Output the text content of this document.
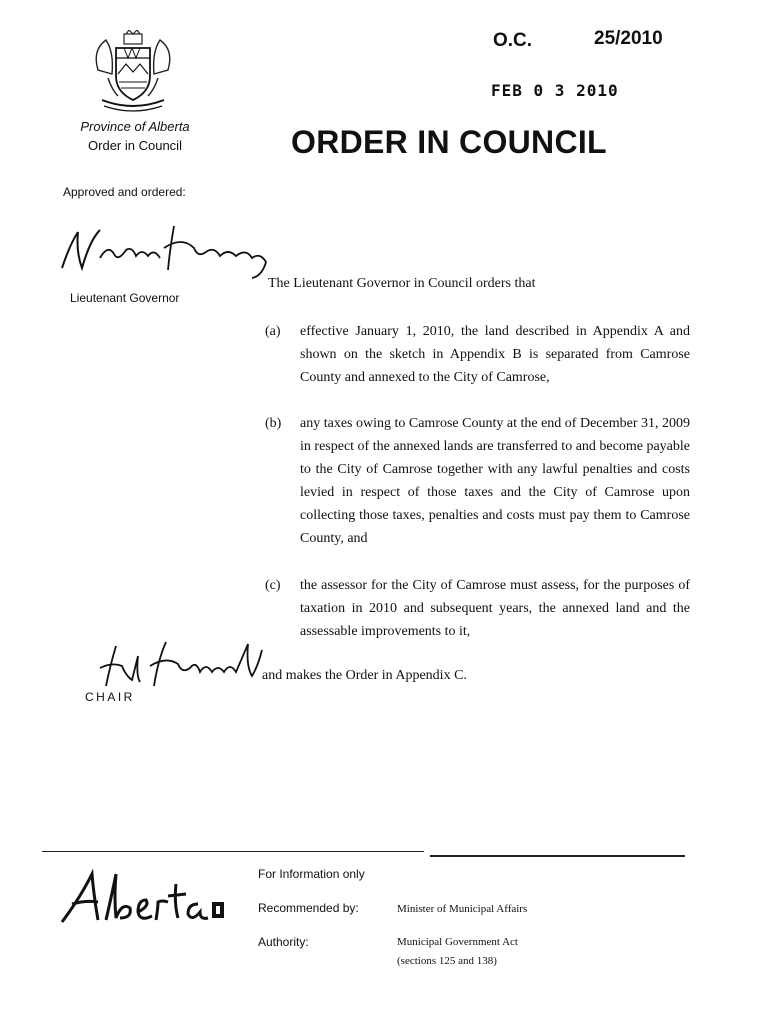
Province of Alberta
Order in Council
O.C.	25/2010
FEB 0 3 2010
ORDER IN COUNCIL
Approved and ordered:
Lieutenant Governor
The Lieutenant Governor in Council orders that
(a) effective January 1, 2010, the land described in Appendix A and shown on the sketch in Appendix B is separated from Camrose County and annexed to the City of Camrose,
(b) any taxes owing to Camrose County at the end of December 31, 2009 in respect of the annexed lands are transferred to and become payable to the City of Camrose together with any lawful penalties and costs levied in respect of those taxes and the City of Camrose upon collecting those taxes, penalties and costs must pay them to Camrose County, and
(c) the assessor for the City of Camrose must assess, for the purposes of taxation in 2010 and subsequent years, the annexed land and the assessable improvements to it,
CHAIR
and makes the Order in Appendix C.
For Information only
Recommended by:	Minister of Municipal Affairs
Authority:	Municipal Government Act
(sections 125 and 138)
